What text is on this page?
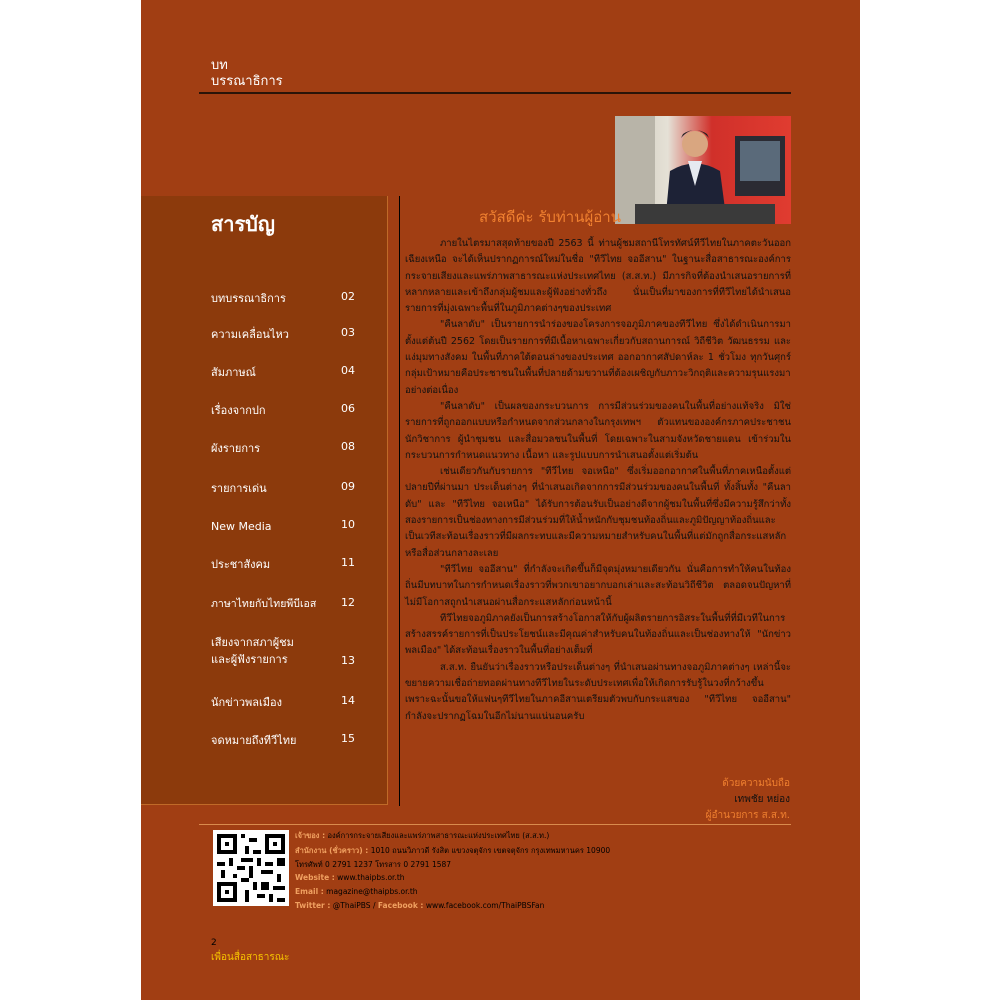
บท
บรรณาธิการ
สารบัญ
บทบรรณาธิการ	02
ความเคลื่อนไหว	03
สัมภาษณ์	04
เรื่องจากปก	06
ผังรายการ	08
รายการเด่น	09
New Media	10
ประชาสังคม	11
ภาษาไทยกับไทยพีบีเอส	12
เสียงจากสภาผู้ชม และผู้ฟังรายการ	13
นักข่าวพลเมือง	14
จดหมายถึงทีวีไทย	15
สวัสดีค่ะ รับท่านผู้อ่าน

ภายในไตรมาสสุดท้ายของปี 2563 นี้ ท่านผู้ชมสถานีโทรทัศน์ทีวีไทยในภาคตะวันออกเฉียงเหนือ จะได้เห็นปรากฏการณ์ใหม่ในชื่อ "ทีวีไทย จออีสาน" ในฐานะสื่อสาธารณะองค์การกระจายเสียงและแพร่ภาพสาธารณะแห่งประเทศไทย (ส.ส.ท.) มีภารกิจที่ต้องนำเสนอรายการที่หลากหลายและเข้าถึงกลุ่มผู้ชมและผู้ฟังอย่างทั่วถึง นั่นเป็นที่มาของการที่ทีวีไทยได้นำเสนอรายการที่มุ่งเฉพาะพื้นที่ในภูมิภาคต่างๆของประเทศ

"คืนลาดับ" เป็นรายการนำร่องของโครงการจอภูมิภาคของทีวีไทย ซึ่งได้ดำเนินการมาตั้งแต่ต้นปี 2562 โดยเป็นรายการที่มีเนื้อหาเฉพาะเกี่ยวกับสถานการณ์ วิถีชีวิต วัฒนธรรม และแง่มุมทางสังคม ในพื้นที่ภาคใต้ตอนล่างของประเทศ ออกอากาศสัปดาห์ละ 1 ชั่วโมง ทุกวันศุกร์ กลุ่มเป้าหมายคือประชาชนในพื้นที่ปลายด้ามขวานที่ต้องเผชิญกับภาวะวิกฤติและความรุนแรงมาอย่างต่อเนื่อง

"คืนลาดับ" เป็นผลของกระบวนการ การมีส่วนร่วมของคนในพื้นที่อย่างแท้จริง มิใช่รายการที่ถูกออกแบบหรือกำหนดจากส่วนกลางในกรุงเทพฯ ตัวแทนขององค์กรภาคประชาชน นักวิชาการ ผู้นำชุมชน และสื่อมวลชนในพื้นที่ โดยเฉพาะในสามจังหวัดชายแดน เข้าร่วมในกระบวนการกำหนดแนวทาง เนื้อหา และรูปแบบการนำเสนอตั้งแต่เริ่มต้น

เช่นเดียวกันกับรายการ "ทีวีไทย จอเหนือ" ซึ่งเริ่มออกอากาศในพื้นที่ภาคเหนือตั้งแต่ปลายปีที่ผ่านมา ประเด็นต่างๆ ที่นำเสนอเกิดจากการมีส่วนร่วมของคนในพื้นที่ ทั้งสิ้นทั้ง "คืนลาดับ" และ "ทีวีไทย จอเหนือ" ได้รับการต้อนรับเป็นอย่างดีจากผู้ชมในพื้นที่ซึ่งมีความรู้สึกว่าทั้งสองรายการเป็นช่องทางการมีส่วนร่วมที่ให้น้ำหนักกับชุมชนท้องถิ่นและภูมิปัญญาท้องถิ่นและเป็นเวทีสะท้อนเรื่องราวที่มีผลกระทบและมีความหมายสำหรับคนในพื้นที่แต่มักถูกสื่อกระแสหลักหรือสื่อส่วนกลางละเลย

"ทีวีไทย จออีสาน" ที่กำลังจะเกิดขึ้นก็มีจุดมุ่งหมายเดียวกัน นั่นคือการทำให้คนในท้องถิ่นมีบทบาทในการกำหนดเรื่องราวที่พวกเขาอยากบอกเล่าและสะท้อนวิถีชีวิต ตลอดจนปัญหาที่ไม่มีโอกาสถูกนำเสนอผ่านสื่อกระแสหลักก่อนหน้านี้

ทีวีไทยจอภูมิภาคยังเป็นการสร้างโอกาสให้กับผู้ผลิตรายการอิสระในพื้นที่ที่มีเวทีในการสร้างสรรค์รายการที่เป็นประโยชน์และมีคุณค่าสำหรับคนในท้องถิ่นและเป็นช่องทางให้ "นักข่าวพลเมือง" ได้สะท้อนเรื่องราวในพื้นที่อย่างเต็มที่

ส.ส.ท. ยืนยันว่าเรื่องราวหรือประเด็นต่างๆ ที่นำเสนอผ่านทางจอภูมิภาคต่างๆ เหล่านี้จะขยายความเชื่อถ่ายทอดผ่านทางทีวีไทยในระดับประเทศเพื่อให้เกิดการรับรู้ในวงที่กว้างขึ้น เพราะฉะนั้นขอให้แฟนๆทีวีไทยในภาคอีสานเตรียมตัวพบกับกระแสของ "ทีวีไทย จออีสาน" กำลังจะปรากฏโฉมในอีกไม่นานแน่นอนครับ

ด้วยความนับถือ
เทพชัย หย่อง
ผู้อำนวยการ ส.ส.ท.
เจ้าของ : องค์การกระจายเสียงและแพร่ภาพสาธารณะแห่งประเทศไทย (ส.ส.ท.)
สำนักงาน (ชั่วคราว) : 1010 ถนนวิภาวดี รังสิต แขวงจตุจักร เขตจตุจักร กรุงเทพมหานคร 10900
โทรศัพท์ 0 2791 1237 โทรสาร 0 2791 1587
Website : www.thaipbs.or.th
Email : magazine@thaipbs.or.th
Twitter : @ThaiPBS / Facebook : www.facebook.com/ThaiPBSFan
2
เพื่อนสื่อสาธารณะ
